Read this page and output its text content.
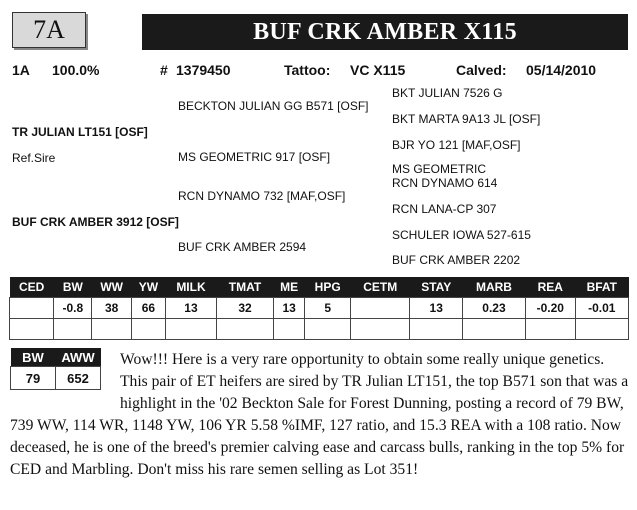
7A	BUF CRK AMBER X115
1A 100.0%	# 1379450	Tattoo: VC X115	Calved: 05/14/2010
BECKTON JULIAN GG B571 [OSF]
BKT JULIAN 7526 G
BKT MARTA 9A13 JL [OSF]
TR JULIAN LT151 [OSF]
Ref.Sire
BJR YO 121 [MAF,OSF]
MS GEOMETRIC 917 [OSF]
MS GEOMETRIC
RCN DYNAMO 614
RCN DYNAMO 732 [MAF,OSF]
RCN LANA-CP 307
BUF CRK AMBER 3912 [OSF]
SCHULER IOWA 527-615
BUF CRK AMBER 2594
BUF CRK AMBER 2202
CED	BW	WW	YW	MILK	TMAT	ME	HPG	CETM	STAY	MARB	REA	BFAT
	-0.8	38	66	13	32	13	5		13	0.23	-0.20	-0.01

BW	AWW
79	652
Wow!!! Here is a very rare opportunity to obtain some really unique genetics. This pair of ET heifers are sired by TR Julian LT151, the top B571 son that was a highlight in the '02 Beckton Sale for Forest Dunning, posting a record of 79 BW, 739 WW, 114 WR, 1148 YW, 106 YR 5.58 %IMF, 127 ratio, and 15.3 REA with a 108 ratio. Now deceased, he is one of the breed's premier calving ease and carcass bulls, ranking in the top 5% for CED and Marbling. Don't miss his rare semen selling as Lot 351!
